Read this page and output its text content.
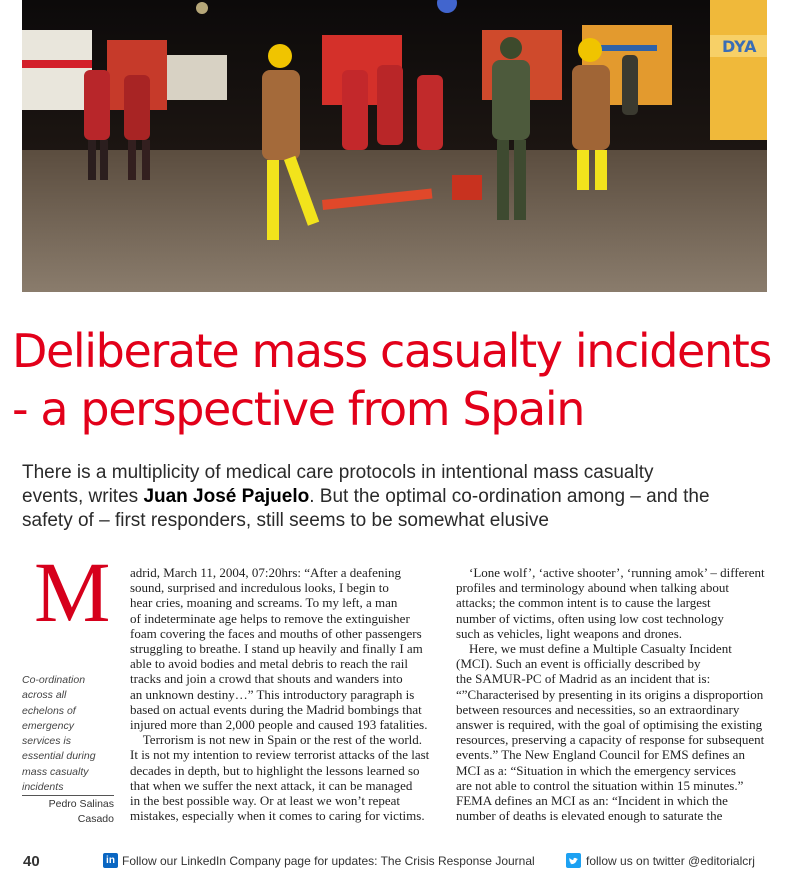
DYA
Deliberate mass casualty incidents
- a perspective from Spain

There is a multiplicity of medical care protocols in intentional mass casualty
events, writes Juan José Pajuelo. But the optimal co-ordination among – and the
safety of – first responders, still seems to be somewhat elusive

M adrid, March 11, 2004, 07:20hrs: “After a deafening
sound, surprised and incredulous looks, I begin to
hear cries, moaning and screams. To my left, a man
of indeterminate age helps to remove the extinguisher
foam covering the faces and mouths of other passengers
struggling to breathe. I stand up heavily and finally I am
able to avoid bodies and metal debris to reach the rail
tracks and join a crowd that shouts and wanders into
an unknown destiny…” This introductory paragraph is
based on actual events during the Madrid bombings that
injured more than 2,000 people and caused 193 fatalities.
Terrorism is not new in Spain or the rest of the world.
It is not my intention to review terrorist attacks of the last
decades in depth, but to highlight the lessons learned so
that when we suffer the next attack, it can be managed
in the best possible way. Or at least we won’t repeat
mistakes, especially when it comes to caring for victims.
‘Lone wolf’, ‘active shooter’, ‘running amok’ – different
profiles and terminology abound when talking about
attacks; the common intent is to cause the largest
number of victims, often using low cost technology
such as vehicles, light weapons and drones.
Here, we must define a Multiple Casualty Incident
(MCI). Such an event is officially described by
the SAMUR-PC of Madrid as an incident that is:
“”Characterised by presenting in its origins a disproportion
between resources and necessities, so an extraordinary
answer is required, with the goal of optimising the existing
resources, preserving a capacity of response for subsequent
events.” The New England Council for EMS defines an
MCI as a: “Situation in which the emergency services
are not able to control the situation within 15 minutes.”
FEMA defines an MCI as an: “Incident in which the
number of deaths is elevated enough to saturate the
Co-ordination
across all
echelons of
emergency
services is
essential during
mass casualty
incidents
Pedro Salinas
Casado
40	in Follow our LinkedIn Company page for updates: The Crisis Response Journal	follow us on twitter @editorialcrj
